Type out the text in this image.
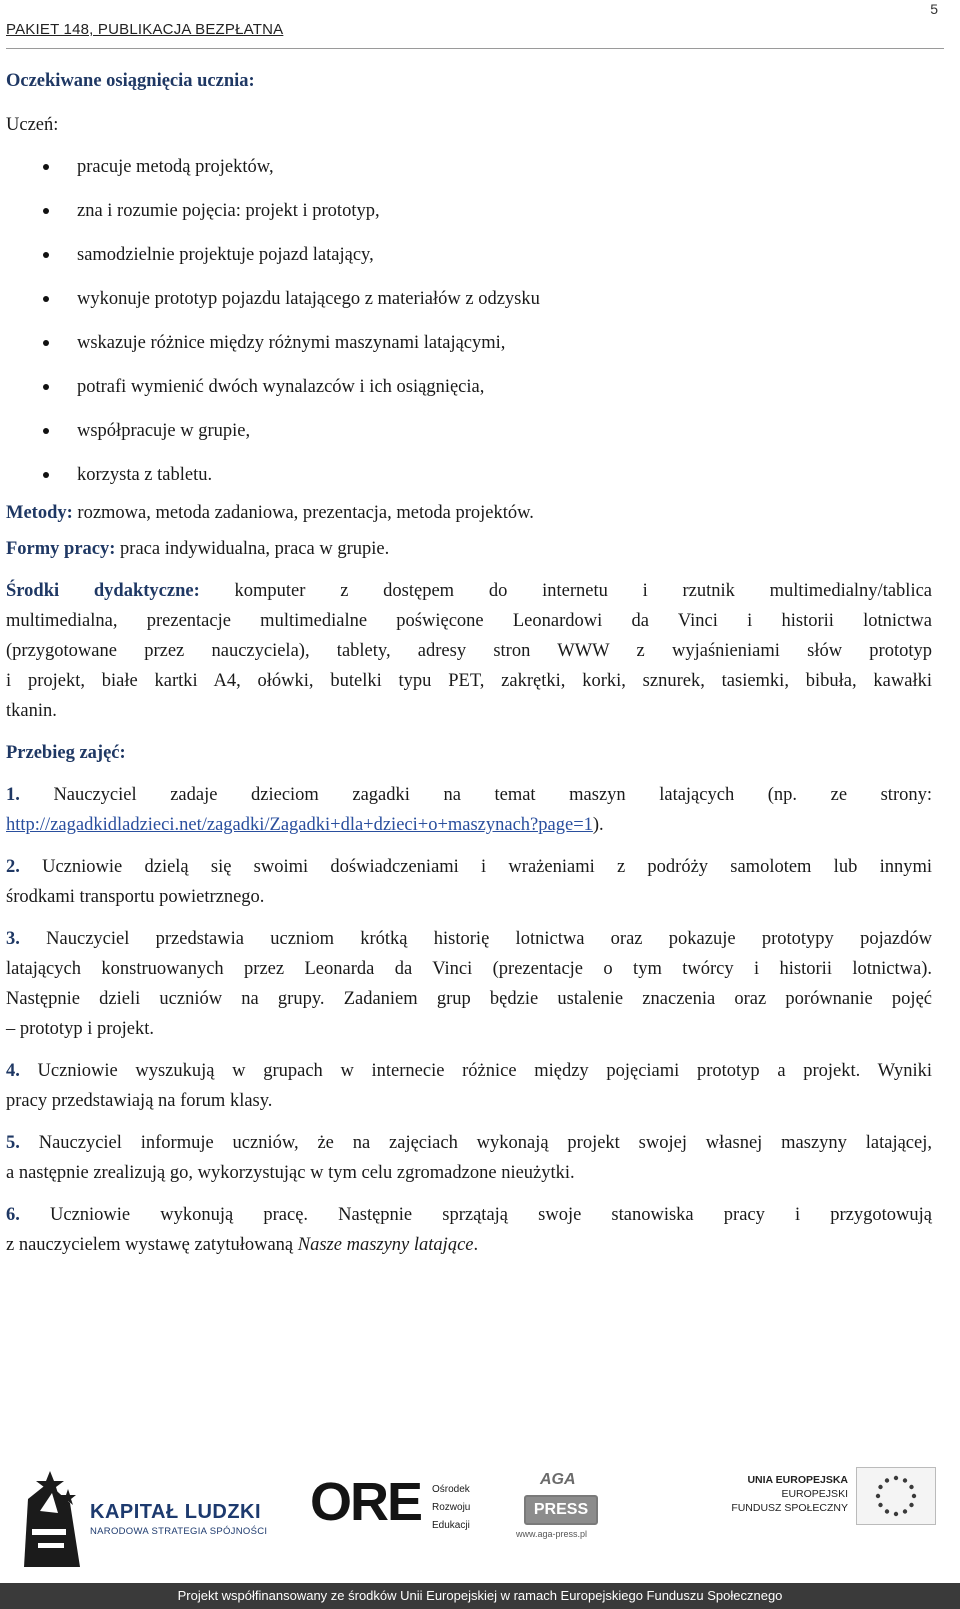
PAKIET 148, PUBLIKACJA BEZPŁATNA
5

Oczekiwane osiągnięcia ucznia:

Uczeń:

pracuje metodą projektów,
zna i rozumie pojęcia: projekt i prototyp,
samodzielnie projektuje pojazd latający,
wykonuje prototyp pojazdu latającego z materiałów z odzysku
wskazuje różnice między różnymi maszynami latającymi,
potrafi wymienić dwóch wynalazców i ich osiągnięcia,
współpracuje w grupie,
korzysta z tabletu.

Metody: rozmowa, metoda zadaniowa, prezentacja, metoda projektów.

Formy pracy: praca indywidualna, praca w grupie.

Środki dydaktyczne: komputer z dostępem do internetu i rzutnik multimedialny/tablica

multimedialna, prezentacje multimedialne poświęcone Leonardowi da Vinci i historii lotnictwa

(przygotowane przez nauczyciela), tablety, adresy stron WWW z wyjaśnieniami słów prototyp

i projekt, białe kartki A4, ołówki, butelki typu PET, zakrętki, korki, sznurek, tasiemki, bibuła, kawałki

tkanin.

Przebieg zajęć:

1. Nauczyciel zadaje dzieciom zagadki na temat maszyn latających (np. ze strony:

http://zagadkidladzieci.net/zagadki/Zagadki+dla+dzieci+o+maszynach?page=1).

2. Uczniowie dzielą się swoimi doświadczeniami i wrażeniami z podróży samolotem lub innymi

środkami transportu powietrznego.

3. Nauczyciel przedstawia uczniom krótką historię lotnictwa oraz pokazuje prototypy pojazdów

latających konstruowanych przez Leonarda da Vinci (prezentacje o tym twórcy i historii lotnictwa).

Następnie dzieli uczniów na grupy. Zadaniem grup będzie ustalenie znaczenia oraz porównanie pojęć

– prototyp i projekt.

4. Uczniowie wyszukują w grupach w internecie różnice między pojęciami prototyp a projekt. Wyniki

pracy przedstawiają na forum klasy.

5. Nauczyciel informuje uczniów, że na zajęciach wykonają projekt swojej własnej maszyny latającej,

a następnie zrealizują go, wykorzystując w tym celu zgromadzone nieużytki.

6. Uczniowie wykonują pracę. Następnie sprzątają swoje stanowiska pracy i przygotowują

z nauczycielem wystawę zatytułowaną Nasze maszyny latające.

KAPITAŁ LUDZKI
NARODOWA STRATEGIA SPÓJNOŚCI ORE Ośrodek
Rozwoju
Edukacji
AGA
PRESS
www.aga-press.pl
UNIA EUROPEJSKA
EUROPEJSKI
FUNDUSZ SPOŁECZNY
Projekt współfinansowany ze środków Unii Europejskiej w ramach Europejskiego Funduszu Społecznego
